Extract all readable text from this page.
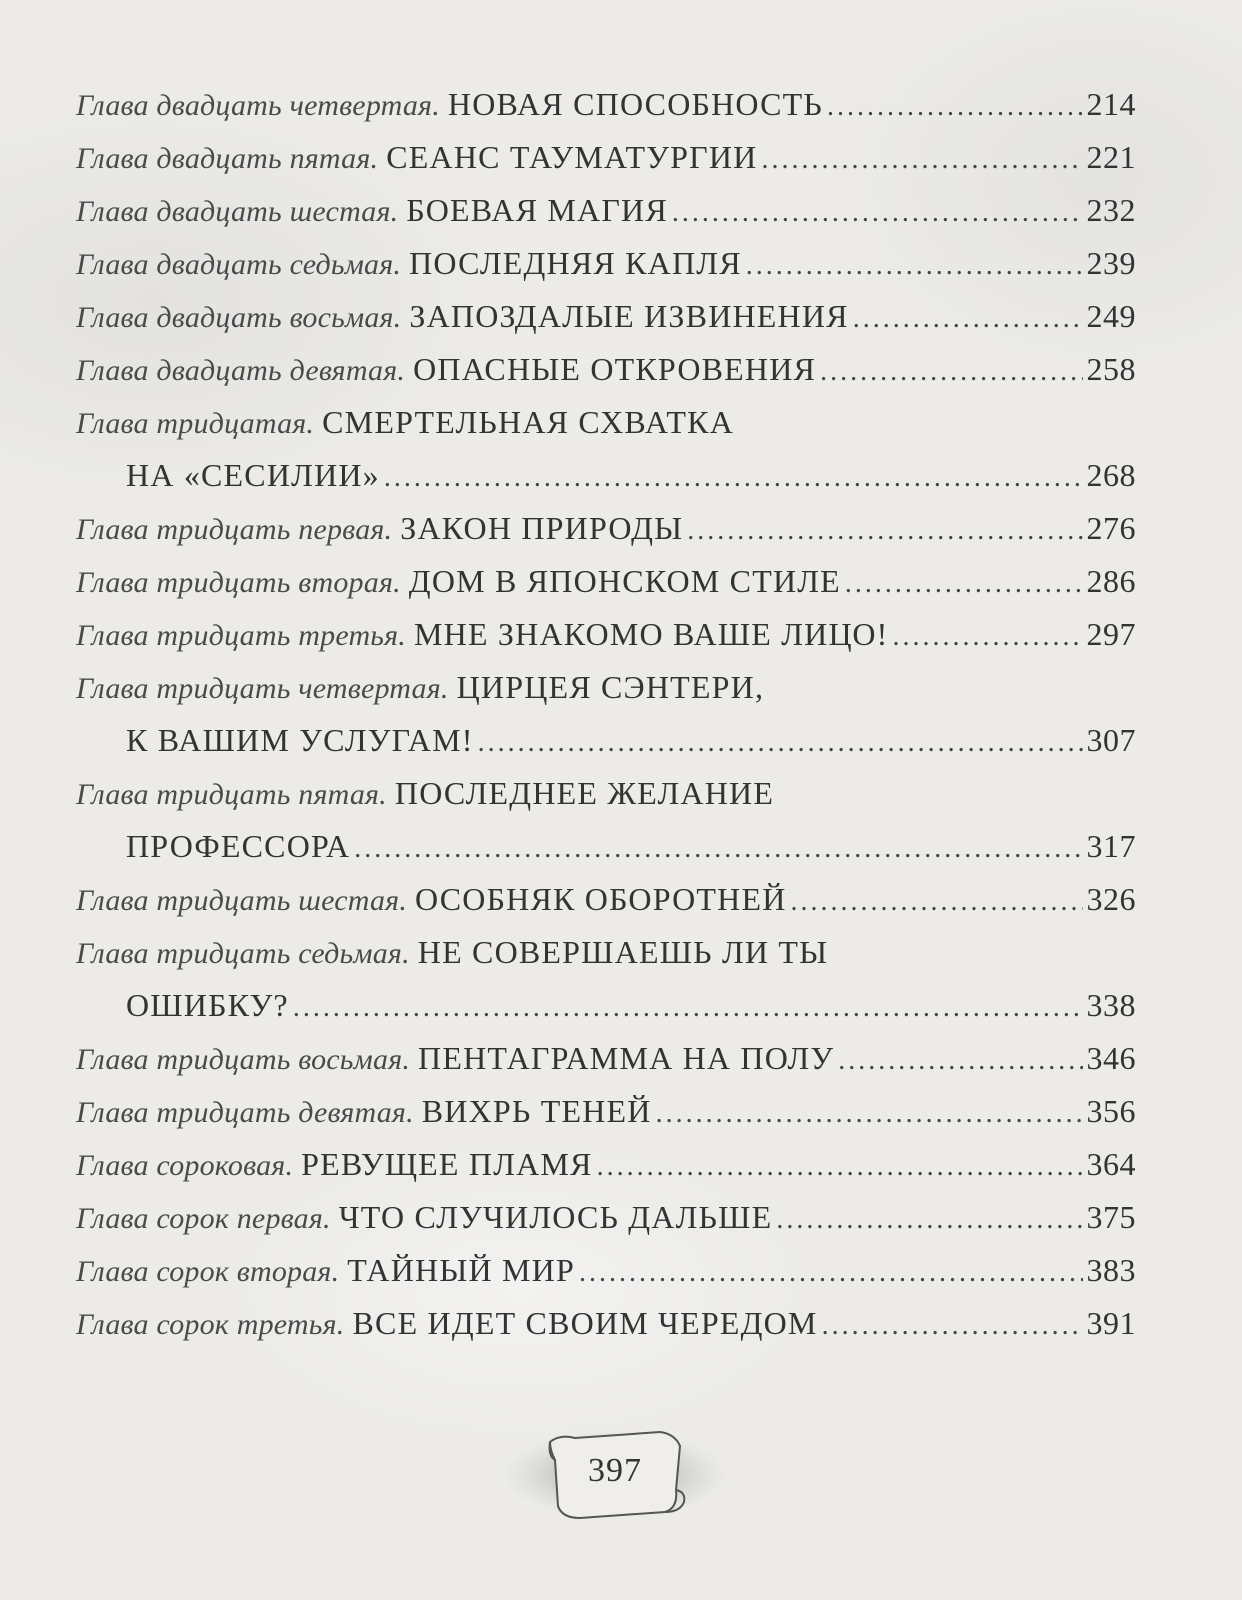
Глава двадцать четвертая. НОВАЯ СПОСОБНОСТЬ .....	214
Глава двадцать пятая. СЕАНС ТАУМАТУРГИИ .....	221
Глава двадцать шестая. БОЕВАЯ МАГИЯ .....	232
Глава двадцать седьмая. ПОСЛЕДНЯЯ КАПЛЯ .....	239
Глава двадцать восьмая. ЗАПОЗДАЛЫЕ ИЗВИНЕНИЯ .....	249
Глава двадцать девятая. ОПАСНЫЕ ОТКРОВЕНИЯ .....	258
Глава тридцатая. СМЕРТЕЛЬНАЯ СХВАТКА
НА «СЕСИЛИИ» .....	268
Глава тридцать первая. ЗАКОН ПРИРОДЫ .....	276
Глава тридцать вторая. ДОМ В ЯПОНСКОМ СТИЛЕ .....	286
Глава тридцать третья. МНЕ ЗНАКОМО ВАШЕ ЛИЦО! .....	297
Глава тридцать четвертая. ЦИРЦЕЯ СЭНТЕРИ,
К ВАШИМ УСЛУГАМ! .....	307
Глава тридцать пятая. ПОСЛЕДНЕЕ ЖЕЛАНИЕ
ПРОФЕССОРА .....	317
Глава тридцать шестая. ОСОБНЯК ОБОРОТНЕЙ .....	326
Глава тридцать седьмая. НЕ СОВЕРШАЕШЬ ЛИ ТЫ
ОШИБКУ? .....	338
Глава тридцать восьмая. ПЕНТАГРАММА НА ПОЛУ .....	346
Глава тридцать девятая. ВИХРЬ ТЕНЕЙ .....	356
Глава сороковая. РЕВУЩЕЕ ПЛАМЯ .....	364
Глава сорок первая. ЧТО СЛУЧИЛОСЬ ДАЛЬШЕ .....	375
Глава сорок вторая. ТАЙНЫЙ МИР .....	383
Глава сорок третья. ВСЕ ИДЕТ СВОИМ ЧЕРЕДОМ .....	391
397
